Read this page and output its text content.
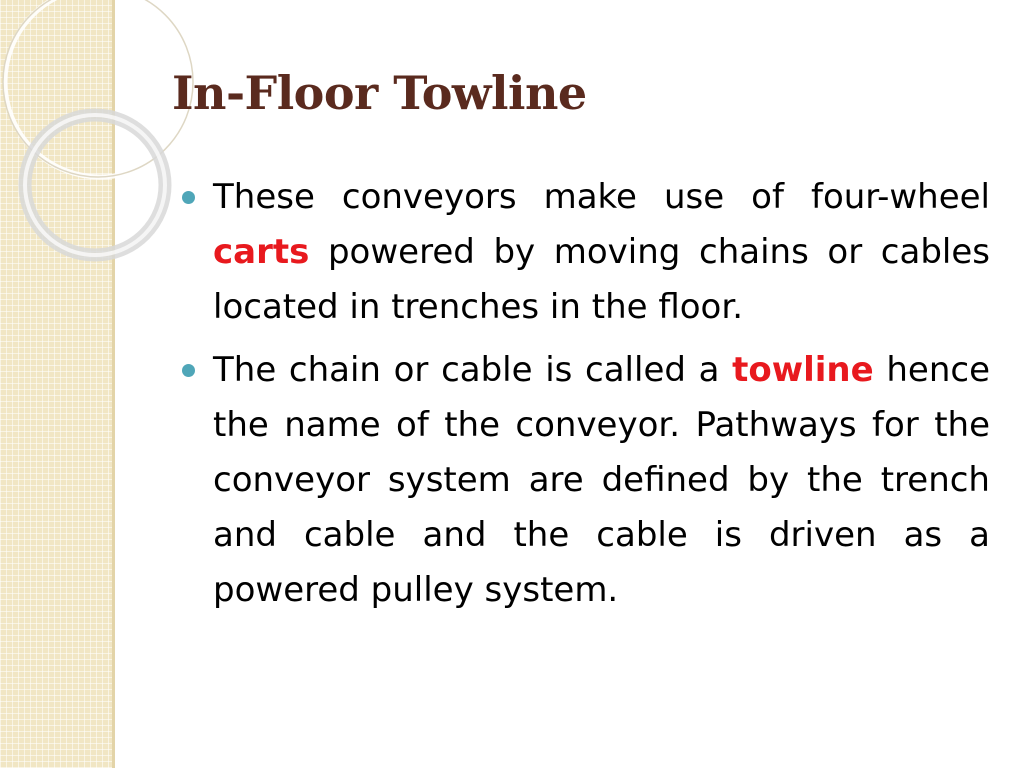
In-Floor Towline
These conveyors make use of four-wheel carts powered by moving chains or cables located in trenches in the floor.
The chain or cable is called a towline hence the name of the conveyor. Pathways for the conveyor system are defined by the trench and cable and the cable is driven as a powered pulley system.
